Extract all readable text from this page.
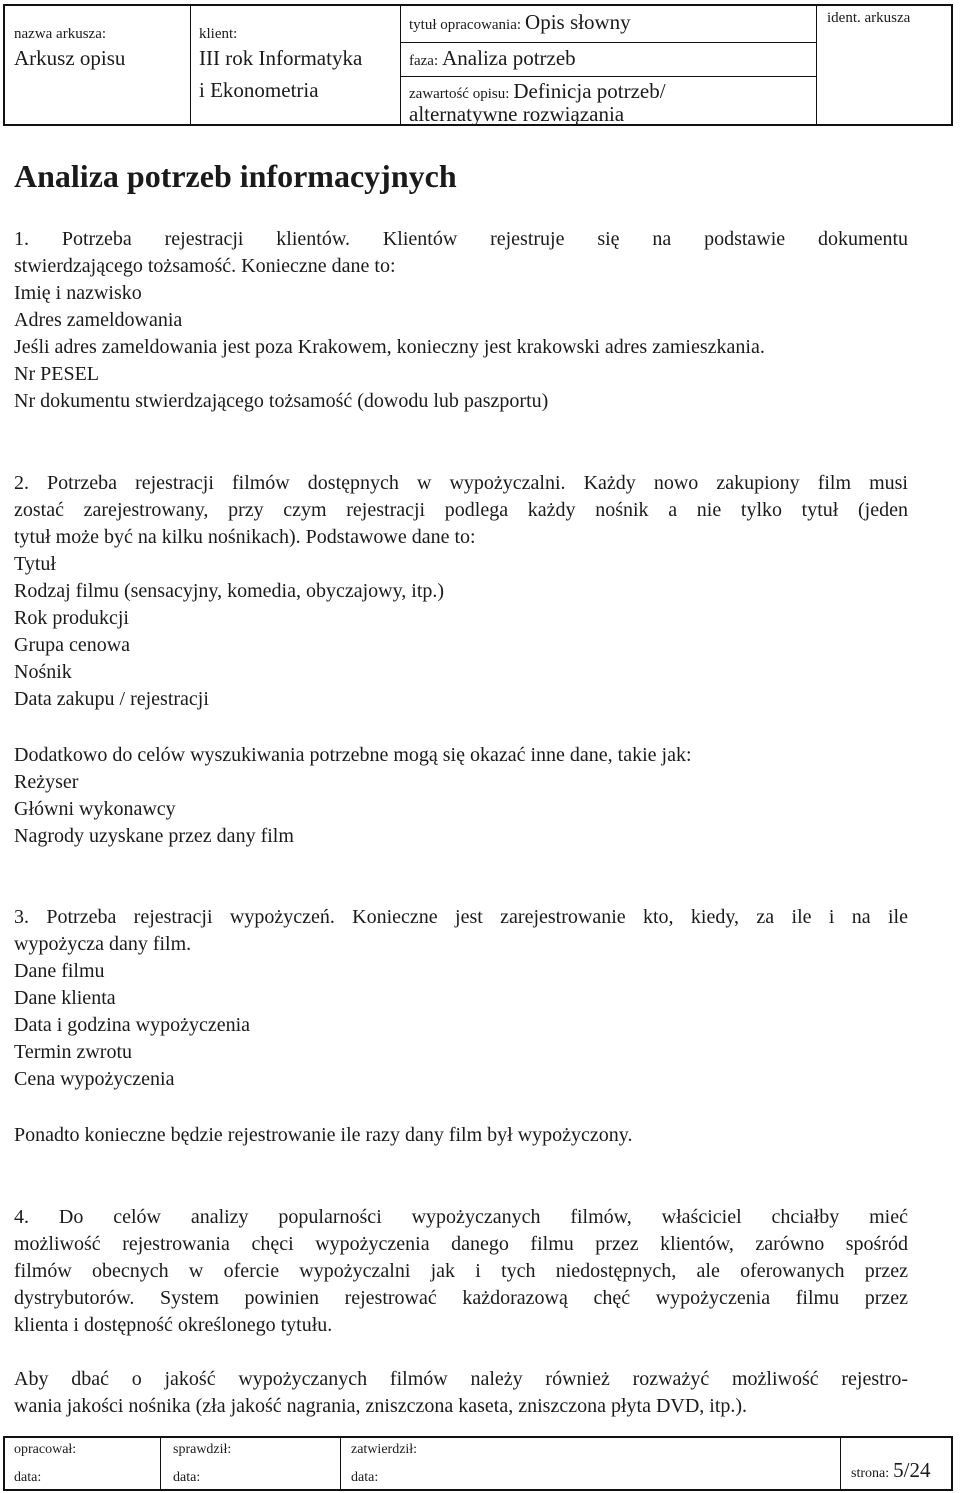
nazwa arkusza:
Arkusz opisu
klient:
III rok Informatyka
i Ekonometria
tytuł opracowania: Opis słowny
faza: Analiza potrzeb
zawartość opisu: Definicja potrzeb/
alternatywne rozwiązania
ident. arkusza
Analiza potrzeb informacyjnych
1. Potrzeba rejestracji klientów. Klientów rejestruje się na podstawie dokumentu
stwierdzającego tożsamość. Konieczne dane to:
Imię i nazwisko
Adres zameldowania
Jeśli adres zameldowania jest poza Krakowem, konieczny jest krakowski adres zamieszkania.
Nr PESEL
Nr dokumentu stwierdzającego tożsamość (dowodu lub paszportu)
2. Potrzeba rejestracji filmów dostępnych w wypożyczalni. Każdy nowo zakupiony film musi
zostać zarejestrowany, przy czym rejestracji podlega każdy nośnik a nie tylko tytuł (jeden
tytuł może być na kilku nośnikach). Podstawowe dane to:
Tytuł
Rodzaj filmu (sensacyjny, komedia, obyczajowy, itp.)
Rok produkcji
Grupa cenowa
Nośnik
Data zakupu / rejestracji
Dodatkowo do celów wyszukiwania potrzebne mogą się okazać inne dane, takie jak:
Reżyser
Główni wykonawcy
Nagrody uzyskane przez dany film
3. Potrzeba rejestracji wypożyczeń. Konieczne jest zarejestrowanie kto, kiedy, za ile i na ile
wypożycza dany film.
Dane filmu
Dane klienta
Data i godzina wypożyczenia
Termin zwrotu
Cena wypożyczenia
Ponadto konieczne będzie rejestrowanie ile razy dany film był wypożyczony.
4. Do celów analizy popularności wypożyczanych filmów, właściciel chciałby mieć
możliwość rejestrowania chęci wypożyczenia danego filmu przez klientów, zarówno spośród
filmów obecnych w ofercie wypożyczalni jak i tych niedostępnych, ale oferowanych przez
dystrybutorów. System powinien rejestrować każdorazową chęć wypożyczenia filmu przez
klienta i dostępność określonego tytułu.
Aby dbać o jakość wypożyczanych filmów należy również rozważyć możliwość rejestro-
wania jakości nośnika (zła jakość nagrania, zniszczona kaseta, zniszczona płyta DVD, itp.).
opracował:
data:
sprawdził:
data:
zatwierdził:
data:	strona: 5/24
